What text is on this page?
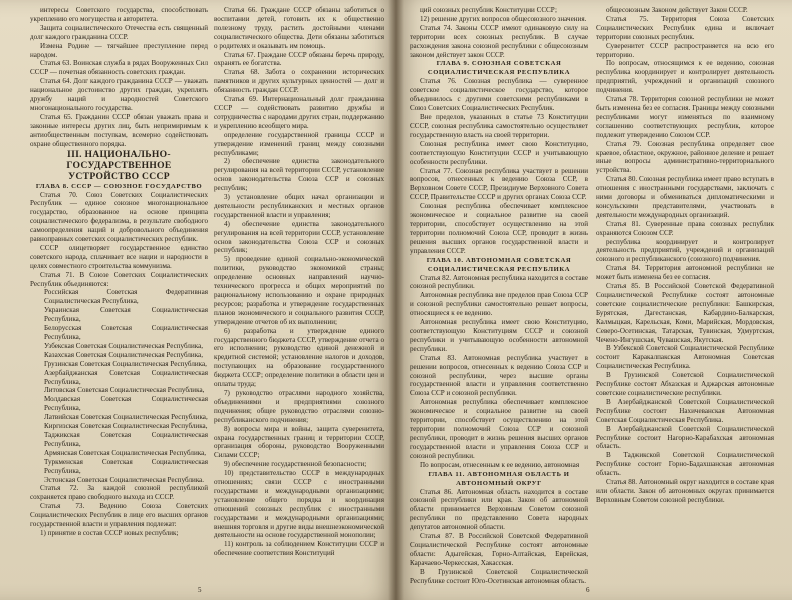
интересы Советского государства, способствовать укреплению его могущества и авторитета.

Защита социалистического Отечества есть священный долг каждого гражданина СССР.

Измена Родине — тягчайшее преступление перед народом.

Статья 63. Воинская служба в рядах Вооруженных Сил СССР — почетная обязанность советских граждан.

Статья 64. Долг каждого гражданина СССР — уважать национальное достоинство других граждан, укреплять дружбу наций и народностей Советского многонационального государства.

Статья 65. Гражданин СССР обязан уважать права и законные интересы других лиц, быть непримиримым к антиобщественным поступкам, всемерно содействовать охране общественного порядка.

III. НАЦИОНАЛЬНО-ГОСУДАРСТВЕННОЕ УСТРОЙСТВО СССР

ГЛАВА 8. СССР — СОЮЗНОЕ ГОСУДАРСТВО

Статья 70. Союз Советских Социалистических Республик — единое союзное многонациональное государство, образованное на основе принципа социалистического федерализма, в результате свободного самоопределения наций и добровольного объединения равноправных советских социалистических республик.

СССР олицетворяет государственное единство советского народа, сплачивает все нации и народности в целях совместного строительства коммунизма.

Статья 71. В Союзе Советских Социалистических Республик объединяются:

Российская Советская Федеративная Социалистическая Республика,

Украинская Советская Социалистическая Республика,

Белорусская Советская Социалистическая Республика,

Узбекская Советская Социалистическая Республика,

Казахская Советская Социалистическая Республика,

Грузинская Советская Социалистическая Республика,

Азербайджанская Советская Социалистическая Республика,

Литовская Советская Социалистическая Республика,

Молдавская Советская Социалистическая Республика,

Латвийская Советская Социалистическая Республика,

Киргизская Советская Социалистическая Республика,

Таджикская Советская Социалистическая Республика,

Армянская Советская Социалистическая Республика,

Туркменская Советская Социалистическая Республика,

Эстонская Советская Социалистическая Республика.

Статья 72. За каждой союзной республикой сохраняется право свободного выхода из СССР.

Статья 73. Ведению Союза Советских Социалистических Республик в лице его высших органов государственной власти и управления подлежат:

1) принятие в состав СССР новых республик;

Статья 66. Граждане СССР обязаны заботиться о воспитании детей, готовить их к общественно полезному труду, растить достойными членами социалистического общества. Дети обязаны заботиться о родителях и оказывать им помощь.

Статья 67. Граждане СССР обязаны беречь природу, охранять ее богатства.

Статья 68. Забота о сохранении исторических памятников и других культурных ценностей — долг и обязанность граждан СССР.

Статья 69. Интернациональный долг гражданина СССР — содействовать развитию дружбы и сотрудничества с народами других стран, поддержанию и укреплению всеобщего мира.

определение государственной границы СССР и утверждение изменений границ между союзными республиками;

2) обеспечение единства законодательного регулирования на всей территории СССР, установление основ законодательства Союза ССР и союзных республик;

3) установление общих начал организации и деятельности республиканских и местных органов государственной власти и управления;

4) обеспечение единства законодательного регулирования на всей территории СССР, установление основ законодательства Союза ССР и союзных республик;

5) проведение единой социально-экономической политики, руководство экономикой страны; определение основных направлений научно-технического прогресса и общих мероприятий по рациональному использованию и охране природных ресурсов; разработка и утверждение государственных планов экономического и социального развития СССР, утверждение отчетов об их выполнении;

6) разработка и утверждение единого государственного бюджета СССР, утверждение отчета о его исполнении; руководство единой денежной и кредитной системой; установление налогов и доходов, поступающих на образование государственного бюджета СССР; определение политики в области цен и оплаты труда;

7) руководство отраслями народного хозяйства, объединениями и предприятиями союзного подчинения; общее руководство отраслями союзно-республиканского подчинения;

8) вопросы мира и войны, защита суверенитета, охрана государственных границ и территории СССР, организация обороны, руководство Вооруженными Силами СССР;

9) обеспечение государственной безопасности;

10) представительство СССР в международных отношениях; связи СССР с иностранными государствами и международными организациями; установление общего порядка и координация отношений союзных республик с иностранными государствами и международными организациями; внешняя торговля и другие виды внешнеэкономической деятельности на основе государственной монополии;

11) контроль за соблюдением Конституции СССР и обеспечение соответствия Конституций

5

ций союзных республик Конституции СССР;

12) решение других вопросов общесоюзного значения.

Статья 74. Законы СССР имеют одинаковую силу на территории всех союзных республик. В случае расхождения закона союзной республики с общесоюзным законом действует закон СССР.

ГЛАВА 9. СОЮЗНАЯ СОВЕТСКАЯ СОЦИАЛИСТИЧЕСКАЯ РЕСПУБЛИКА

Статья 76. Союзная республика — суверенное советское социалистическое государство, которое объединилось с другими советскими республиками в Союз Советских Социалистических Республик.

Вне пределов, указанных в статье 73 Конституции СССР, союзная республика самостоятельно осуществляет государственную власть на своей территории.

Союзная республика имеет свою Конституцию, соответствующую Конституции СССР и учитывающую особенности республики.

Статья 77. Союзная республика участвует в решении вопросов, отнесенных к ведению Союза ССР, в Верховном Совете СССР, Президиуме Верховного Совета СССР, Правительстве СССР и других органах Союза ССР.

Союзная республика обеспечивает комплексное экономическое и социальное развитие на своей территории, способствует осуществлению на этой территории полномочий Союза ССР, проводит в жизнь решения высших органов государственной власти и управления СССР.

ГЛАВА 10. АВТОНОМНАЯ СОВЕТСКАЯ СОЦИАЛИСТИЧЕСКАЯ РЕСПУБЛИКА

Статья 82. Автономная республика находится в составе союзной республики.

Автономная республика вне пределов прав Союза ССР и союзной республики самостоятельно решает вопросы, относящиеся к ее ведению.

Автономная республика имеет свою Конституцию, соответствующую Конституциям СССР и союзной республики и учитывающую особенности автономной республики.

Статья 83. Автономная республика участвует в решении вопросов, отнесенных к ведению Союза ССР и союзной республики, через высшие органы государственной власти и управления соответственно Союза ССР и союзной республики.

Автономная республика обеспечивает комплексное экономическое и социальное развитие на своей территории, способствует осуществлению на этой территории полномочий Союза ССР и союзной республики, проводит в жизнь решения высших органов государственной власти и управления Союза ССР и союзной республики.

По вопросам, отнесенным к ее ведению, автономная

ГЛАВА 11. АВТОНОМНАЯ ОБЛАСТЬ И АВТОНОМНЫЙ ОКРУГ

Статья 86. Автономная область находится в составе союзной республики или края. Закон об автономной области принимается Верховным Советом союзной республики по представлению Совета народных депутатов автономной области.

Статья 87. В Российской Советской Федеративной Социалистической Республике состоят автономные области: Адыгейская, Горно-Алтайская, Еврейская, Карачаево-Черкесская, Хакасская.

В Грузинской Советской Социалистической Республике состоит Юго-Осетинская автономная область.

общесоюзным Законом действует Закон СССР.

Статья 75. Территория Союза Советских Социалистических Республик едина и включает территории союзных республик.

Суверенитет СССР распространяется на всю его территорию.

По вопросам, относящимся к ее ведению, союзная республика координирует и контролирует деятельность предприятий, учреждений и организаций союзного подчинения.

Статья 78. Территория союзной республики не может быть изменена без ее согласия. Границы между союзными республиками могут изменяться по взаимному соглашению соответствующих республик, которое подлежит утверждению Союзом ССР.

Статья 79. Союзная республика определяет свое краевое, областное, окружное, районное деление и решает иные вопросы административно-территориального устройства.

Статья 80. Союзная республика имеет право вступать в отношения с иностранными государствами, заключать с ними договоры и обмениваться дипломатическими и консульскими представителями, участвовать в деятельности международных организаций.

Статья 81. Суверенные права союзных республик охраняются Союзом ССР.

республика координирует и контролирует деятельность предприятий, учреждений и организаций союзного и республиканского (союзного) подчинения.

Статья 84. Территория автономной республики не может быть изменена без ее согласия.

Статья 85. В Российской Советской Федеративной Социалистической Республике состоят автономные советские социалистические республики: Башкирская, Бурятская, Дагестанская, Кабардино-Балкарская, Калмыцкая, Карельская, Коми, Марийская, Мордовская, Северо-Осетинская, Татарская, Тувинская, Удмуртская, Чечено-Ингушская, Чувашская, Якутская.

В Узбекской Советской Социалистической Республике состоит Каракалпакская Автономная Советская Социалистическая Республика.

В Грузинской Советской Социалистической Республике состоят Абхазская и Аджарская автономные советские социалистические республики.

В Азербайджанской Советской Социалистической Республике состоит Нахичеванская Автономная Советская Социалистическая Республика.

В Азербайджанской Советской Социалистической Республике состоит Нагорно-Карабахская автономная область.

В Таджикской Советской Социалистической Республике состоит Горно-Бадахшанская автономная область.

Статья 88. Автономный округ находится в составе края или области. Закон об автономных округах принимается Верховным Советом союзной республики.

6
